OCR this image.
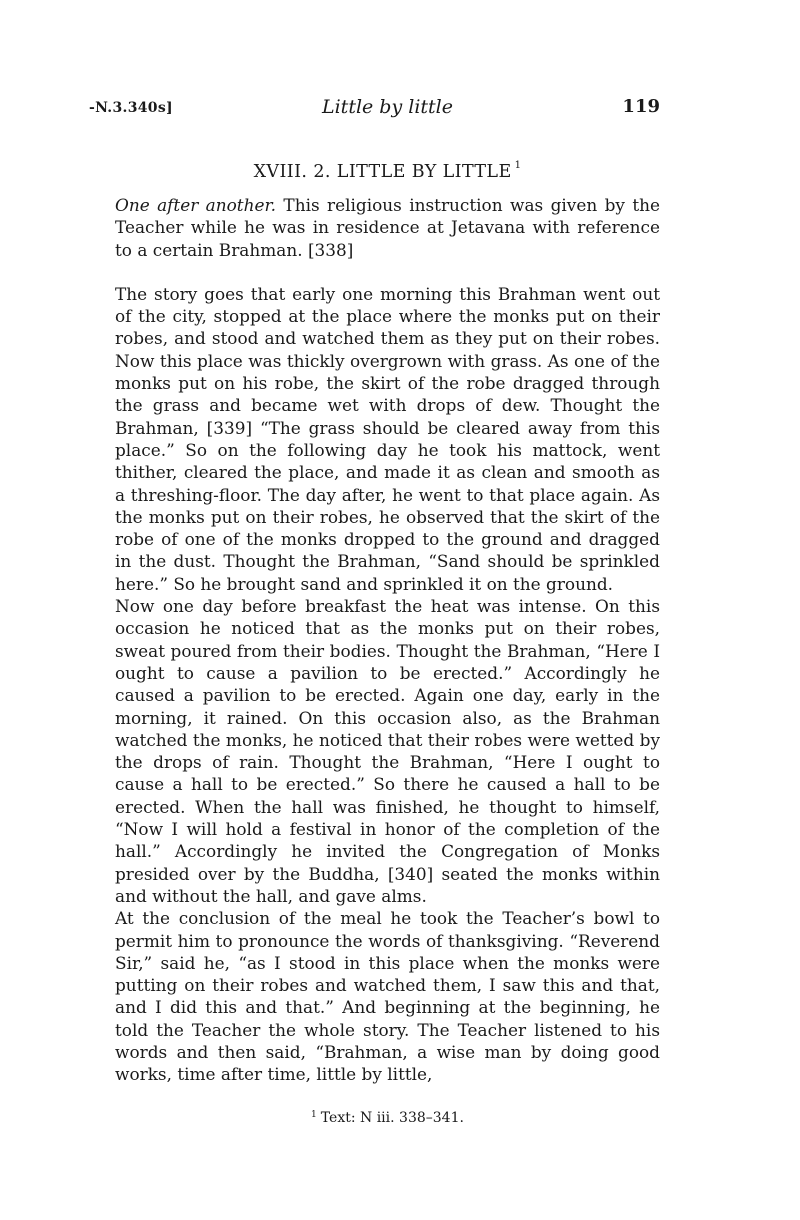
-N.3.340s]	Little by little	119
XVIII. 2. LITTLE BY LITTLE $^1$

One after another. This religious instruction was given by the Teacher while he was in residence at Jetavana with reference to a certain Brahman. [338]

The story goes that early one morning this Brahman went out of the city, stopped at the place where the monks put on their robes, and stood and watched them as they put on their robes. Now this place was thickly overgrown with grass. As one of the monks put on his robe, the skirt of the robe dragged through the grass and became wet with drops of dew. Thought the Brahman, [339] “The grass should be cleared away from this place.” So on the following day he took his mattock, went thither, cleared the place, and made it as clean and smooth as a threshing-floor. The day after, he went to that place again. As the monks put on their robes, he observed that the skirt of the robe of one of the monks dropped to the ground and dragged in the dust. Thought the Brahman, “Sand should be sprinkled here.” So he brought sand and sprinkled it on the ground.

Now one day before breakfast the heat was intense. On this occasion he noticed that as the monks put on their robes, sweat poured from their bodies. Thought the Brahman, “Here I ought to cause a pavilion to be erected.” Accordingly he caused a pavilion to be erected. Again one day, early in the morning, it rained. On this occasion also, as the Brahman watched the monks, he noticed that their robes were wetted by the drops of rain. Thought the Brahman, “Here I ought to cause a hall to be erected.” So there he caused a hall to be erected. When the hall was finished, he thought to himself, “Now I will hold a festival in honor of the completion of the hall.” Accordingly he invited the Congregation of Monks presided over by the Buddha, [340] seated the monks within and without the hall, and gave alms.

At the conclusion of the meal he took the Teacher’s bowl to permit him to pronounce the words of thanksgiving. “Reverend Sir,” said he, “as I stood in this place when the monks were putting on their robes and watched them, I saw this and that, and I did this and that.” And beginning at the beginning, he told the Teacher the whole story. The Teacher listened to his words and then said, “Brahman, a wise man by doing good works, time after time, little by little,

$^1$ Text: N iii. 338–341.
